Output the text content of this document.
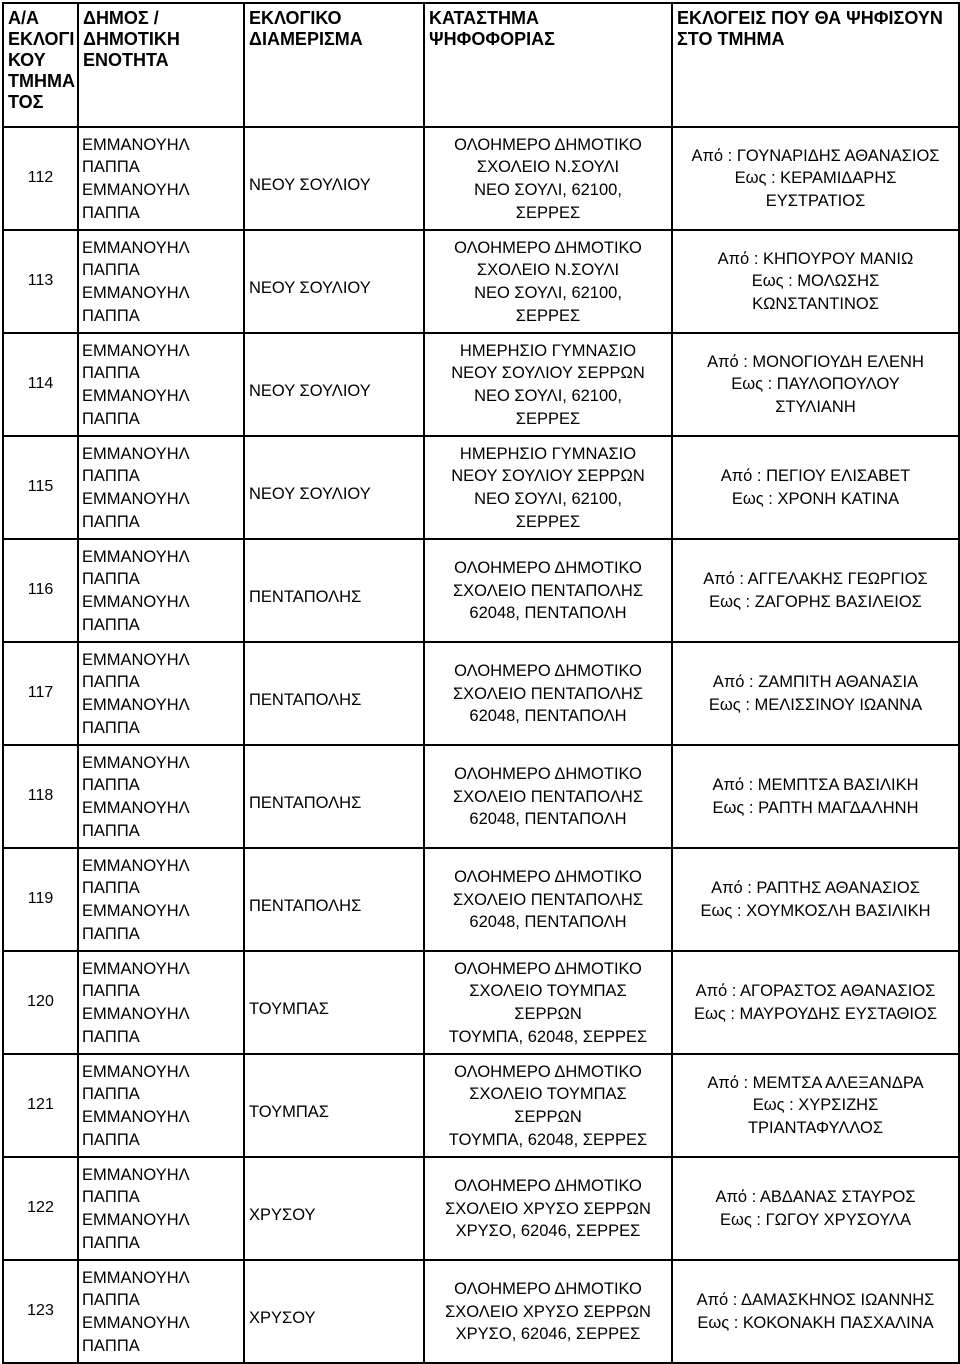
Α/Α
ΕΚΛΟΓΙ
ΚΟΥ
ΤΜΗΜΑ
ΤΟΣ	ΔΗΜΟΣ /
ΔΗΜΟΤΙΚΗ
ΕΝΟΤΗΤΑ	ΕΚΛΟΓΙΚΟ
ΔΙΑΜΕΡΙΣΜΑ	ΚΑΤΑΣΤΗΜΑ
ΨΗΦΟΦΟΡΙΑΣ	ΕΚΛΟΓΕΙΣ ΠΟΥ ΘΑ ΨΗΦΙΣΟΥΝ
ΣΤΟ ΤΜΗΜΑ

112	ΕΜΜΑΝΟΥΗΛ
ΠΑΠΠΑ
ΕΜΜΑΝΟΥΗΛ
ΠΑΠΠΑ	ΝΕΟΥ ΣΟΥΛΙΟΥ	ΟΛΟΗΜΕΡΟ ΔΗΜΟΤΙΚΟ
ΣΧΟΛΕΙΟ Ν.ΣΟΥΛΙ
ΝΕΟ ΣΟΥΛΙ, 62100,
ΣΕΡΡΕΣ	Από : ΓΟΥΝΑΡΙΔΗΣ ΑΘΑΝΑΣΙΟΣ
Εως : ΚΕΡΑΜΙΔΑΡΗΣ
ΕΥΣΤΡΑΤΙΟΣ

113	ΕΜΜΑΝΟΥΗΛ
ΠΑΠΠΑ
ΕΜΜΑΝΟΥΗΛ
ΠΑΠΠΑ	ΝΕΟΥ ΣΟΥΛΙΟΥ	ΟΛΟΗΜΕΡΟ ΔΗΜΟΤΙΚΟ
ΣΧΟΛΕΙΟ Ν.ΣΟΥΛΙ
ΝΕΟ ΣΟΥΛΙ, 62100,
ΣΕΡΡΕΣ	Από : ΚΗΠΟΥΡΟΥ ΜΑΝΙΩ
Εως : ΜΟΛΩΣΗΣ
ΚΩΝΣΤΑΝΤΙΝΟΣ

114	ΕΜΜΑΝΟΥΗΛ
ΠΑΠΠΑ
ΕΜΜΑΝΟΥΗΛ
ΠΑΠΠΑ	ΝΕΟΥ ΣΟΥΛΙΟΥ	ΗΜΕΡΗΣΙΟ ΓΥΜΝΑΣΙΟ
ΝΕΟΥ ΣΟΥΛΙΟΥ ΣΕΡΡΩΝ
ΝΕΟ ΣΟΥΛΙ, 62100,
ΣΕΡΡΕΣ	Από : ΜΟΝΟΓΙΟΥΔΗ ΕΛΕΝΗ
Εως : ΠΑΥΛΟΠΟΥΛΟΥ
ΣΤΥΛΙΑΝΗ

115	ΕΜΜΑΝΟΥΗΛ
ΠΑΠΠΑ
ΕΜΜΑΝΟΥΗΛ
ΠΑΠΠΑ	ΝΕΟΥ ΣΟΥΛΙΟΥ	ΗΜΕΡΗΣΙΟ ΓΥΜΝΑΣΙΟ
ΝΕΟΥ ΣΟΥΛΙΟΥ ΣΕΡΡΩΝ
ΝΕΟ ΣΟΥΛΙ, 62100,
ΣΕΡΡΕΣ	Από : ΠΕΓΙΟΥ ΕΛΙΣΑΒΕΤ
Εως : ΧΡΟΝΗ ΚΑΤΙΝΑ

116	ΕΜΜΑΝΟΥΗΛ
ΠΑΠΠΑ
ΕΜΜΑΝΟΥΗΛ
ΠΑΠΠΑ	ΠΕΝΤΑΠΟΛΗΣ	ΟΛΟΗΜΕΡΟ ΔΗΜΟΤΙΚΟ
ΣΧΟΛΕΙΟ ΠΕΝΤΑΠΟΛΗΣ
62048, ΠΕΝΤΑΠΟΛΗ	Από : ΑΓΓΕΛΑΚΗΣ ΓΕΩΡΓΙΟΣ
Εως : ΖΑΓΟΡΗΣ ΒΑΣΙΛΕΙΟΣ

117	ΕΜΜΑΝΟΥΗΛ
ΠΑΠΠΑ
ΕΜΜΑΝΟΥΗΛ
ΠΑΠΠΑ	ΠΕΝΤΑΠΟΛΗΣ	ΟΛΟΗΜΕΡΟ ΔΗΜΟΤΙΚΟ
ΣΧΟΛΕΙΟ ΠΕΝΤΑΠΟΛΗΣ
62048, ΠΕΝΤΑΠΟΛΗ	Από : ΖΑΜΠΙΤΗ ΑΘΑΝΑΣΙΑ
Εως : ΜΕΛΙΣΣΙΝΟΥ ΙΩΑΝΝΑ

118	ΕΜΜΑΝΟΥΗΛ
ΠΑΠΠΑ
ΕΜΜΑΝΟΥΗΛ
ΠΑΠΠΑ	ΠΕΝΤΑΠΟΛΗΣ	ΟΛΟΗΜΕΡΟ ΔΗΜΟΤΙΚΟ
ΣΧΟΛΕΙΟ ΠΕΝΤΑΠΟΛΗΣ
62048, ΠΕΝΤΑΠΟΛΗ	Από : ΜΕΜΠΤΣΑ ΒΑΣΙΛΙΚΗ
Εως : ΡΑΠΤΗ ΜΑΓΔΑΛΗΝΗ

119	ΕΜΜΑΝΟΥΗΛ
ΠΑΠΠΑ
ΕΜΜΑΝΟΥΗΛ
ΠΑΠΠΑ	ΠΕΝΤΑΠΟΛΗΣ	ΟΛΟΗΜΕΡΟ ΔΗΜΟΤΙΚΟ
ΣΧΟΛΕΙΟ ΠΕΝΤΑΠΟΛΗΣ
62048, ΠΕΝΤΑΠΟΛΗ	Από : ΡΑΠΤΗΣ ΑΘΑΝΑΣΙΟΣ
Εως : ΧΟΥΜΚΟΣΛΗ ΒΑΣΙΛΙΚΗ

120	ΕΜΜΑΝΟΥΗΛ
ΠΑΠΠΑ
ΕΜΜΑΝΟΥΗΛ
ΠΑΠΠΑ	ΤΟΥΜΠΑΣ	ΟΛΟΗΜΕΡΟ ΔΗΜΟΤΙΚΟ
ΣΧΟΛΕΙΟ ΤΟΥΜΠΑΣ
ΣΕΡΡΩΝ
ΤΟΥΜΠΑ, 62048, ΣΕΡΡΕΣ	Από : ΑΓΟΡΑΣΤΟΣ ΑΘΑΝΑΣΙΟΣ
Εως : ΜΑΥΡΟΥΔΗΣ ΕΥΣΤΑΘΙΟΣ

121	ΕΜΜΑΝΟΥΗΛ
ΠΑΠΠΑ
ΕΜΜΑΝΟΥΗΛ
ΠΑΠΠΑ	ΤΟΥΜΠΑΣ	ΟΛΟΗΜΕΡΟ ΔΗΜΟΤΙΚΟ
ΣΧΟΛΕΙΟ ΤΟΥΜΠΑΣ
ΣΕΡΡΩΝ
ΤΟΥΜΠΑ, 62048, ΣΕΡΡΕΣ	Από : ΜΕΜΤΣΑ ΑΛΕΞΑΝΔΡΑ
Εως : ΧΥΡΣΙΖΗΣ
ΤΡΙΑΝΤΑΦΥΛΛΟΣ

122	ΕΜΜΑΝΟΥΗΛ
ΠΑΠΠΑ
ΕΜΜΑΝΟΥΗΛ
ΠΑΠΠΑ	ΧΡΥΣΟΥ	ΟΛΟΗΜΕΡΟ ΔΗΜΟΤΙΚΟ
ΣΧΟΛΕΙΟ ΧΡΥΣΟ ΣΕΡΡΩΝ
ΧΡΥΣΟ, 62046, ΣΕΡΡΕΣ	Από : ΑΒΔΑΝΑΣ ΣΤΑΥΡΟΣ
Εως : ΓΩΓΟΥ ΧΡΥΣΟΥΛΑ

123	ΕΜΜΑΝΟΥΗΛ
ΠΑΠΠΑ
ΕΜΜΑΝΟΥΗΛ
ΠΑΠΠΑ	ΧΡΥΣΟΥ	ΟΛΟΗΜΕΡΟ ΔΗΜΟΤΙΚΟ
ΣΧΟΛΕΙΟ ΧΡΥΣΟ ΣΕΡΡΩΝ
ΧΡΥΣΟ, 62046, ΣΕΡΡΕΣ	Από : ΔΑΜΑΣΚΗΝΟΣ ΙΩΑΝΝΗΣ
Εως : ΚΟΚΟΝΑΚΗ ΠΑΣΧΑΛΙΝΑ
